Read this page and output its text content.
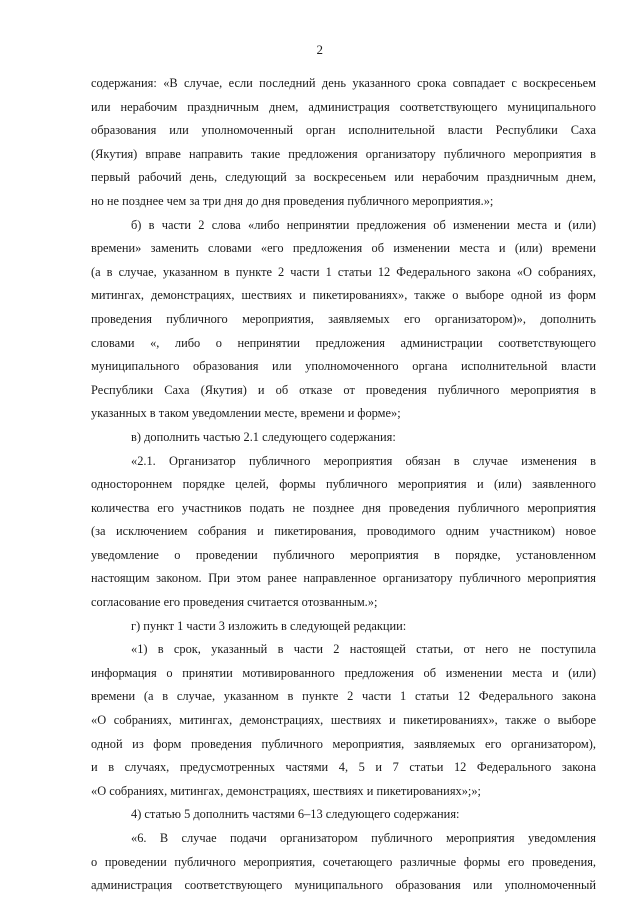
2
содержания: «В случае, если последний день указанного срока совпадает с воскресеньем
или нерабочим праздничным днем, администрация соответствующего муниципального
образования или уполномоченный орган исполнительной власти Республики Саха
(Якутия) вправе направить такие предложения организатору публичного мероприятия в
первый рабочий день, следующий за воскресеньем или нерабочим праздничным днем,
но не позднее чем за три дня до дня проведения публичного мероприятия.»;
б) в части 2 слова «либо непринятии предложения об изменении места и (или)
времени» заменить словами «его предложения об изменении места и (или) времени
(а в случае, указанном в пункте 2 части 1 статьи 12 Федерального закона «О собраниях,
митингах, демонстрациях, шествиях и пикетированиях», также о выборе одной из форм
проведения публичного мероприятия, заявляемых его организатором)», дополнить
словами «, либо о непринятии предложения администрации соответствующего
муниципального образования или уполномоченного органа исполнительной власти
Республики Саха (Якутия) и об отказе от проведения публичного мероприятия в
указанных в таком уведомлении месте, времени и форме»;
в) дополнить частью 2.1 следующего содержания:
«2.1. Организатор публичного мероприятия обязан в случае изменения в
одностороннем порядке целей, формы публичного мероприятия и (или) заявленного
количества его участников подать не позднее дня проведения публичного мероприятия
(за исключением собрания и пикетирования, проводимого одним участником) новое
уведомление о проведении публичного мероприятия в порядке, установленном
настоящим законом. При этом ранее направленное организатору публичного мероприятия
согласование его проведения считается отозванным.»;
г) пункт 1 части 3 изложить в следующей редакции:
«1) в срок, указанный в части 2 настоящей статьи, от него не поступила
информация о принятии мотивированного предложения об изменении места и (или)
времени (а в случае, указанном в пункте 2 части 1 статьи 12 Федерального закона
«О собраниях, митингах, демонстрациях, шествиях и пикетированиях», также о выборе
одной из форм проведения публичного мероприятия, заявляемых его организатором),
и в случаях, предусмотренных частями 4, 5 и 7 статьи 12 Федерального закона
«О собраниях, митингах, демонстрациях, шествиях и пикетированиях»;»;
4) статью 5 дополнить частями 6–13 следующего содержания:
«6. В случае подачи организатором публичного мероприятия уведомления
о проведении публичного мероприятия, сочетающего различные формы его проведения,
администрация соответствующего муниципального образования или уполномоченный
